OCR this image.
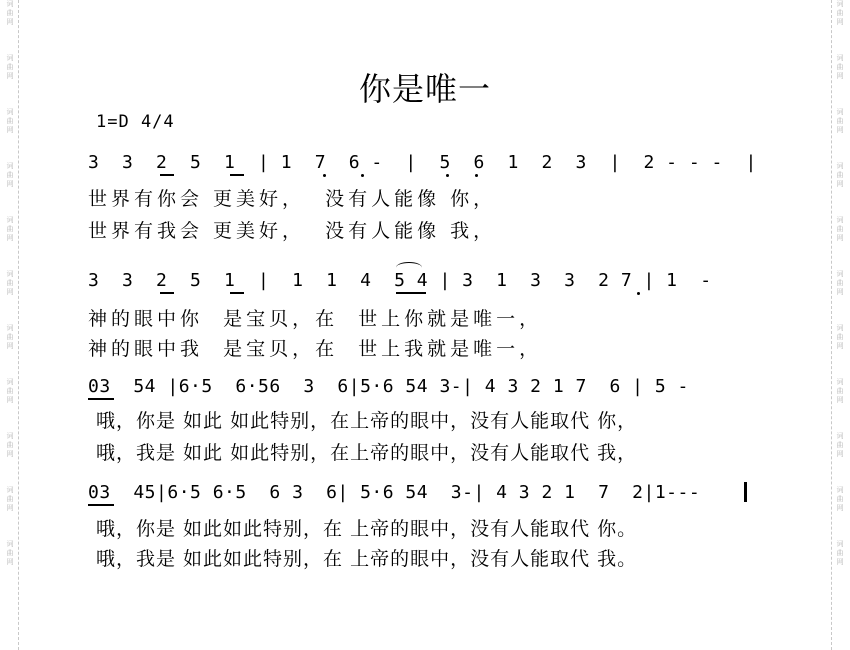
词
曲
网

词
曲
网

词
曲
网

词
曲
网

词
曲
网

词
曲
网

词
曲
网

词
曲
网

词
曲
网

词
曲
网

词
曲
网
词
曲
网

词
曲
网

词
曲
网

词
曲
网

词
曲
网

词
曲
网

词
曲
网

词
曲
网

词
曲
网

词
曲
网

词
曲
网
你是唯一
1=D 4/4
3  3  2  5  1  | 1  7  6 -  |  5  6  1  2  3  |  2 - - -  |
世界有你会 更美好，  没有人能像 你，
世界有我会 更美好，  没有人能像 我，
3  3  2  5  1  |  1  1  4  5 4 | 3  1  3  3  2 7 | 1  -
神的眼中你  是宝贝，在  世上你就是唯一，
神的眼中我  是宝贝，在  世上我就是唯一，
03  54 |6·5  6·56  3  6|5·6 54 3-| 4 3 2 1 7  6 | 5 -
哦，你是 如此 如此特别，在上帝的眼中，没有人能取代 你，
哦，我是 如此 如此特别，在上帝的眼中，没有人能取代 我，
03  45|6·5 6·5  6 3  6| 5·6 54  3-| 4 3 2 1  7  2|1---
哦，你是 如此如此特别，在 上帝的眼中，没有人能取代 你。
哦，我是 如此如此特别，在 上帝的眼中，没有人能取代 我。
